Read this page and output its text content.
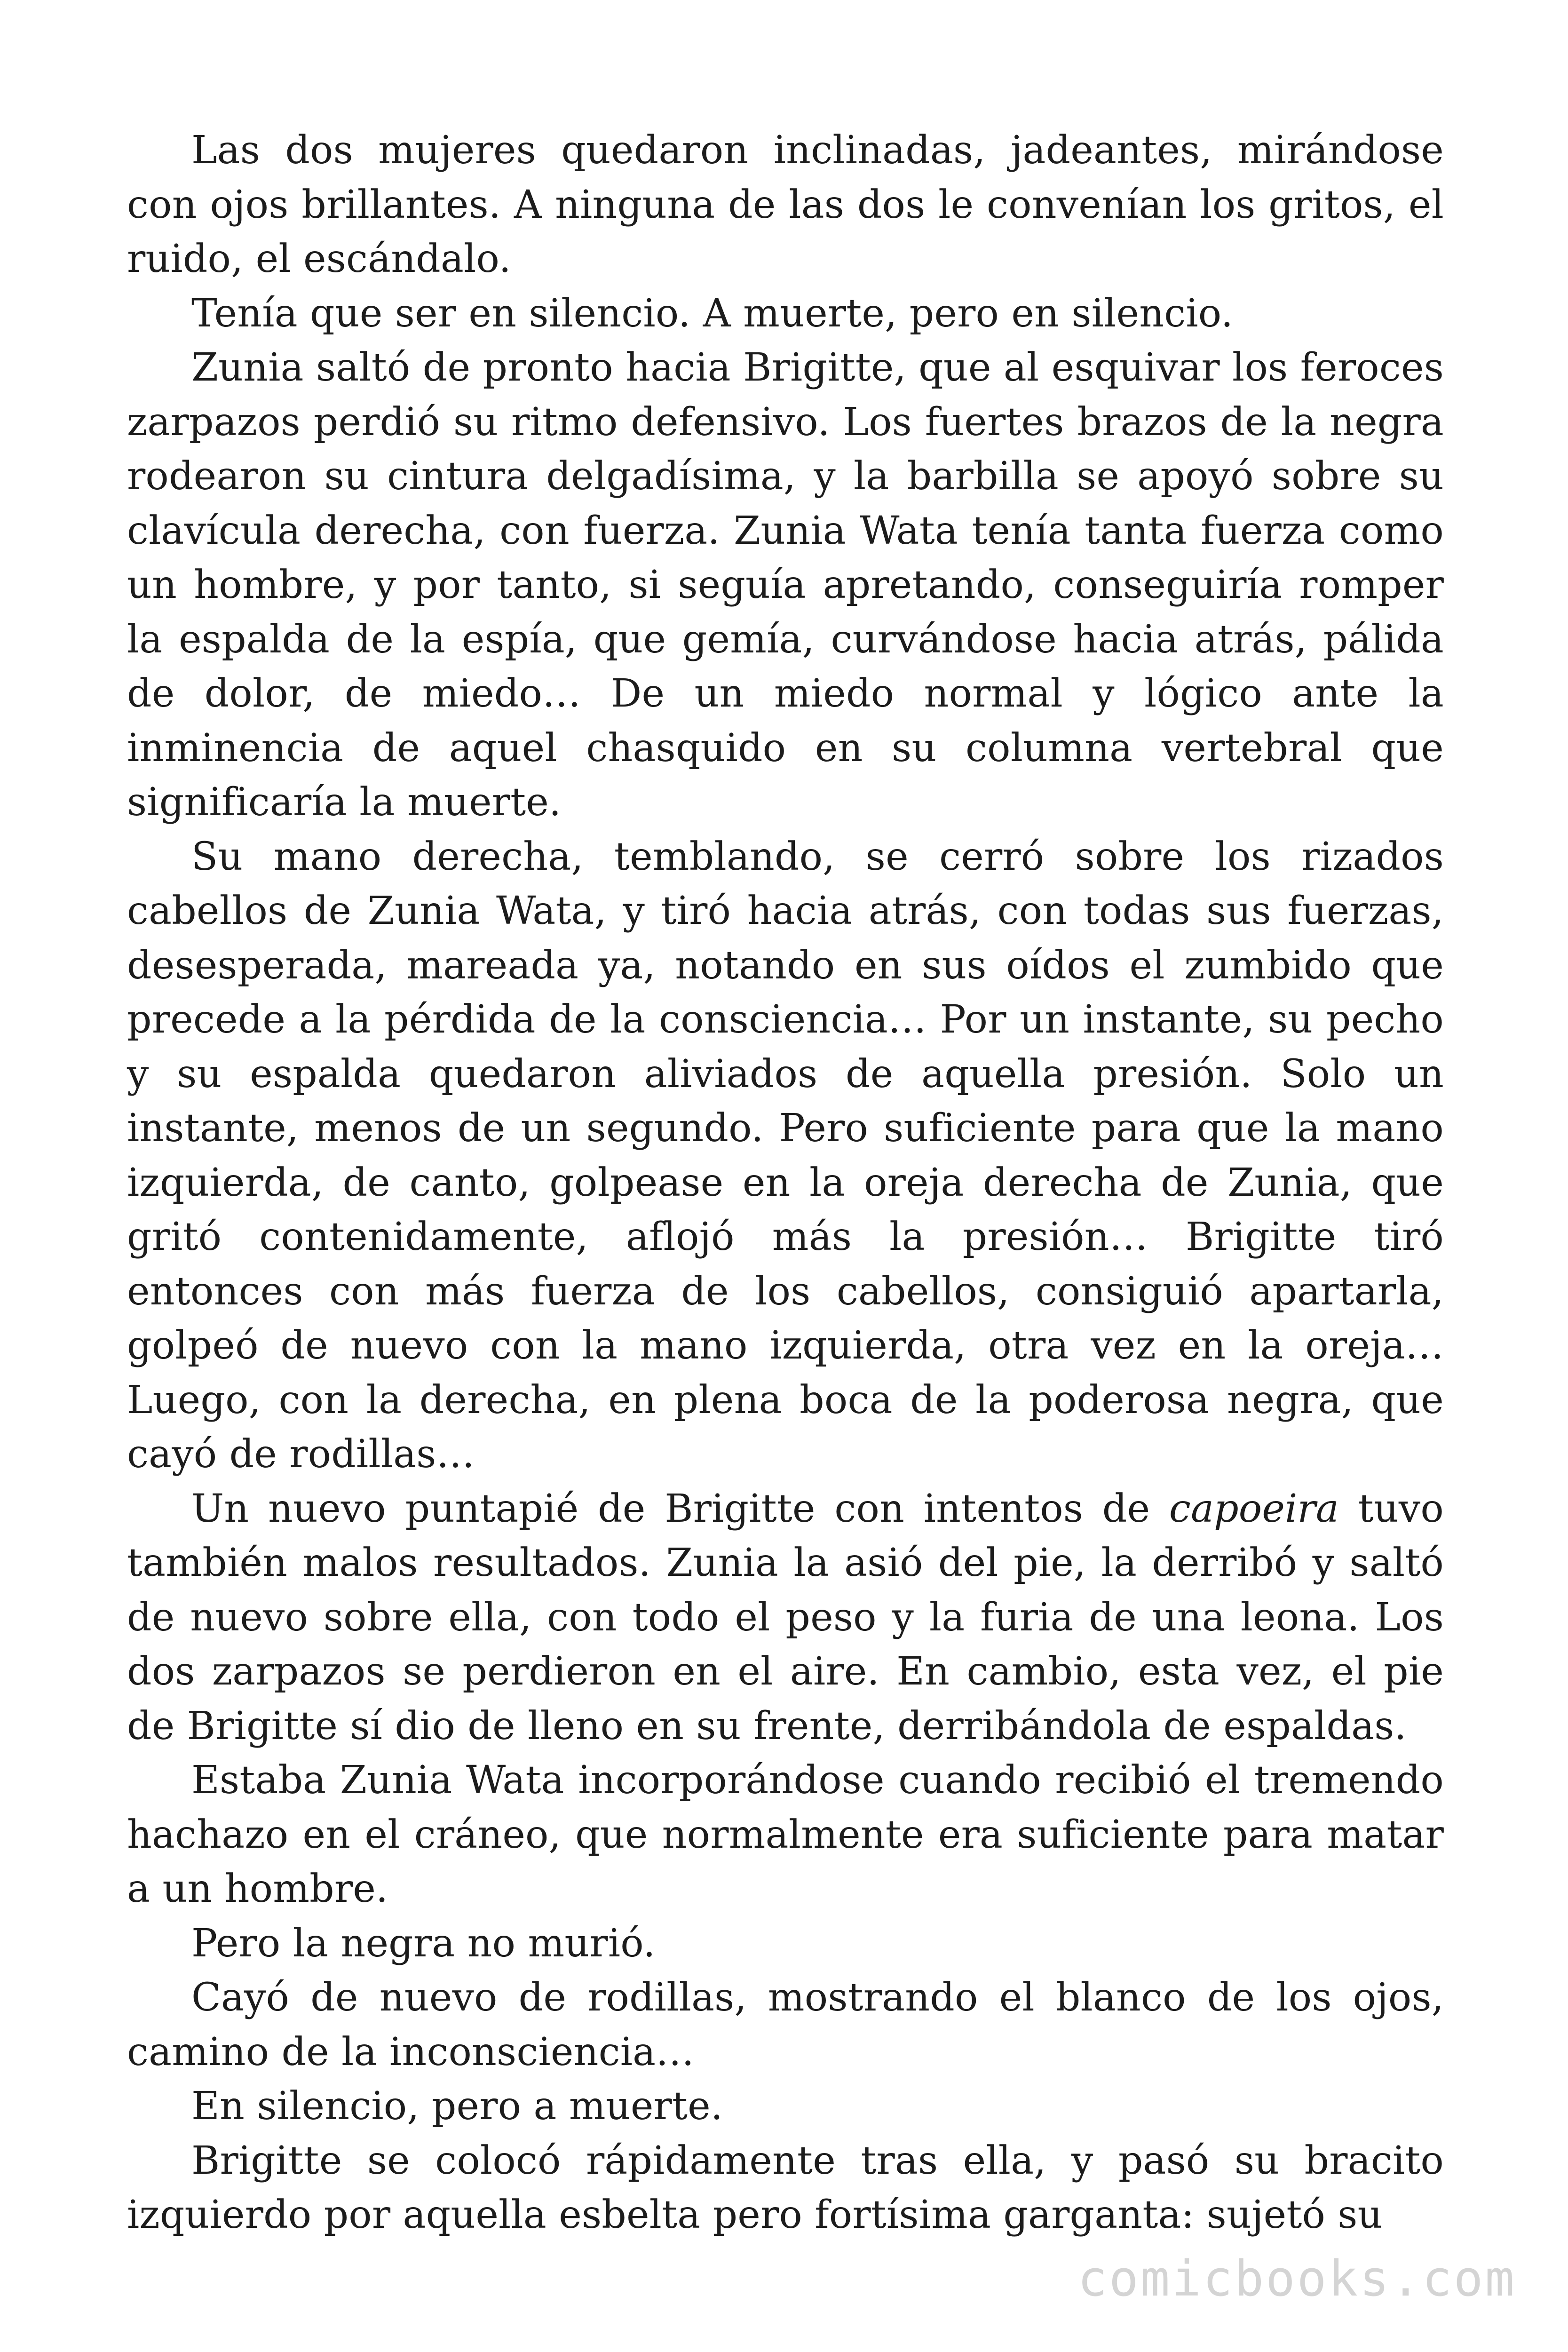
Las dos mujeres quedaron inclinadas, jadeantes, mirándose con ojos brillantes. A ninguna de las dos le convenían los gritos, el ruido, el escándalo.

Tenía que ser en silencio. A muerte, pero en silencio.

Zunia saltó de pronto hacia Brigitte, que al esquivar los feroces zarpazos perdió su ritmo defensivo. Los fuertes brazos de la negra rodearon su cintura delgadísima, y la barbilla se apoyó sobre su clavícula derecha, con fuerza. Zunia Wata tenía tanta fuerza como un hombre, y por tanto, si seguía apretando, conseguiría romper la espalda de la espía, que gemía, curvándose hacia atrás, pálida de dolor, de miedo… De un miedo normal y lógico ante la inminencia de aquel chasquido en su columna vertebral que significaría la muerte.

Su mano derecha, temblando, se cerró sobre los rizados cabellos de Zunia Wata, y tiró hacia atrás, con todas sus fuerzas, desesperada, mareada ya, notando en sus oídos el zumbido que precede a la pérdida de la consciencia… Por un instante, su pecho y su espalda quedaron aliviados de aquella presión. Solo un instante, menos de un segundo. Pero suficiente para que la mano izquierda, de canto, golpease en la oreja derecha de Zunia, que gritó contenidamente, aflojó más la presión… Brigitte tiró entonces con más fuerza de los cabellos, consiguió apartarla, golpeó de nuevo con la mano izquierda, otra vez en la oreja… Luego, con la derecha, en plena boca de la poderosa negra, que cayó de rodillas…

Un nuevo puntapié de Brigitte con intentos de capoeira tuvo también malos resultados. Zunia la asió del pie, la derribó y saltó de nuevo sobre ella, con todo el peso y la furia de una leona. Los dos zarpazos se perdieron en el aire. En cambio, esta vez, el pie de Brigitte sí dio de lleno en su frente, derribándola de espaldas.

Estaba Zunia Wata incorporándose cuando recibió el tremendo hachazo en el cráneo, que normalmente era suficiente para matar a un hombre.

Pero la negra no murió.

Cayó de nuevo de rodillas, mostrando el blanco de los ojos, camino de la inconsciencia…

En silencio, pero a muerte.

Brigitte se colocó rápidamente tras ella, y pasó su bracito izquierdo por aquella esbelta pero fortísima garganta: sujetó su

comicbooks.com
